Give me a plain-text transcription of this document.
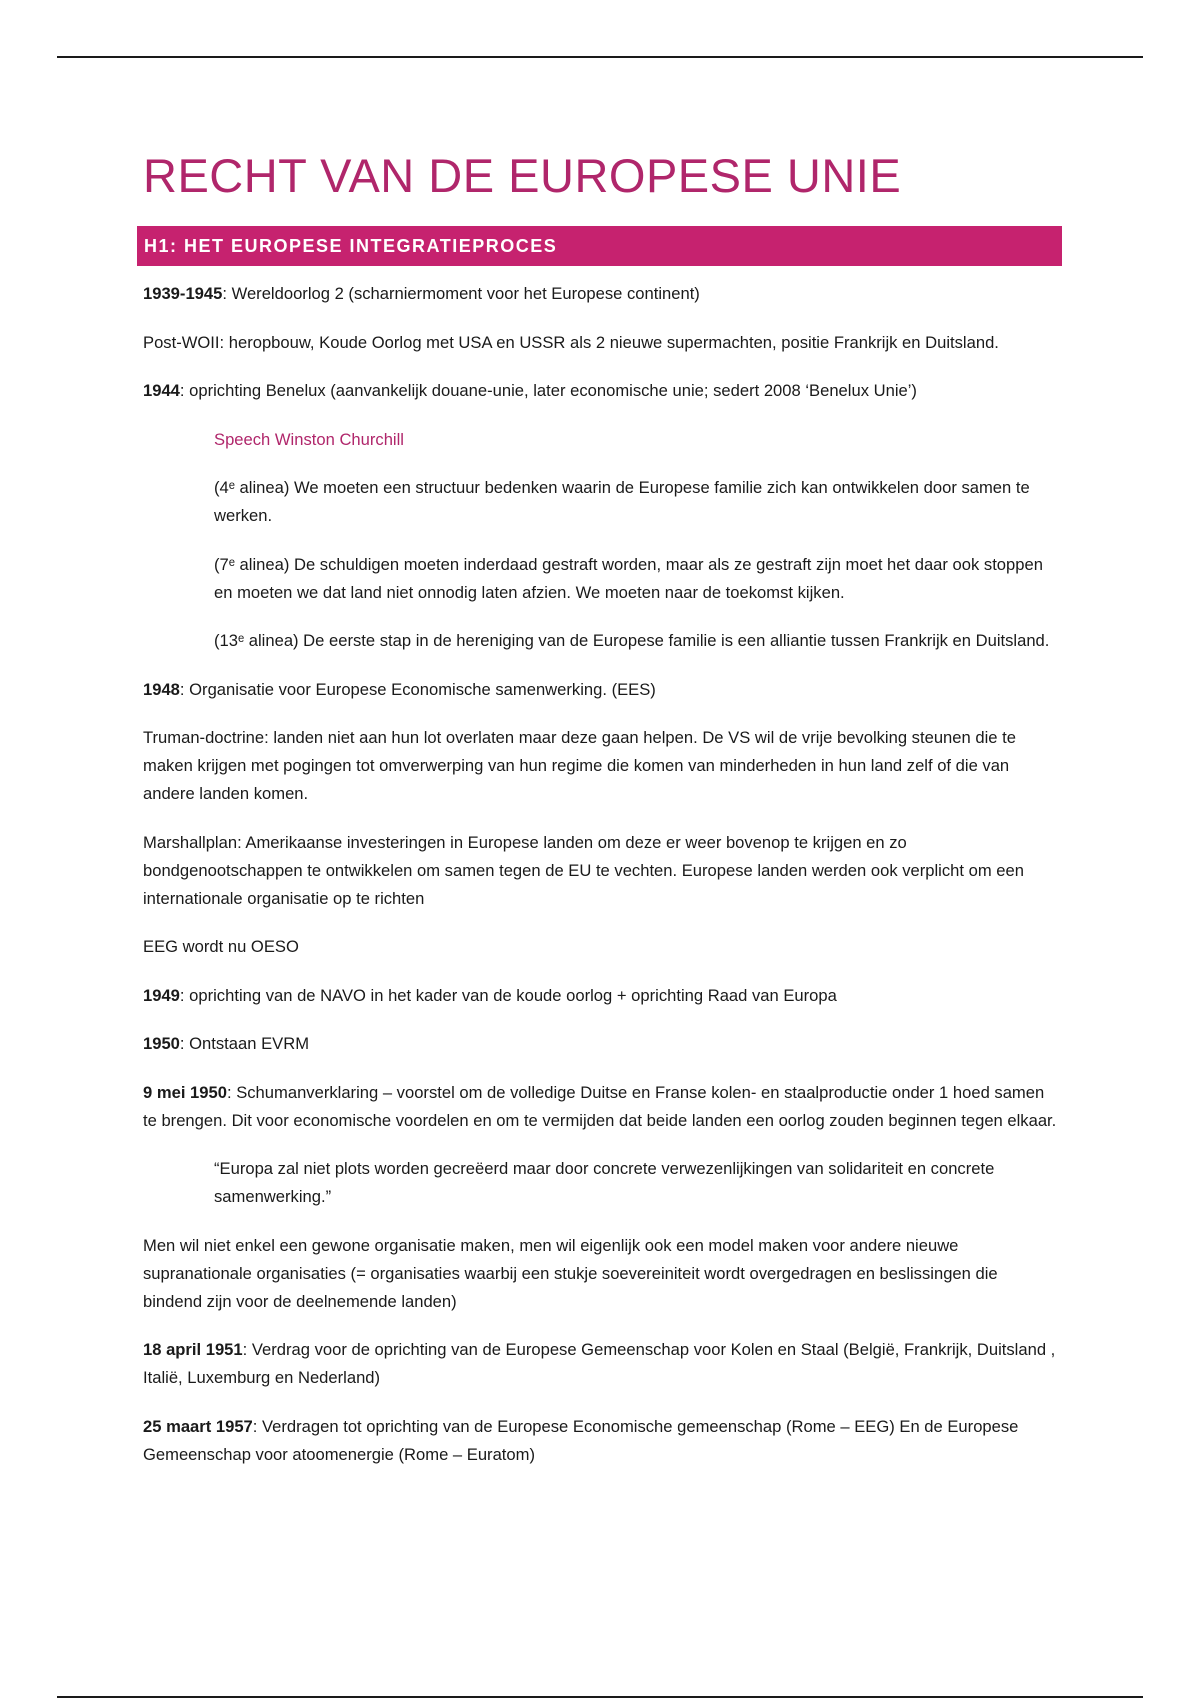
RECHT VAN DE EUROPESE UNIE
H1: HET EUROPESE INTEGRATIEPROCES

1939-1945: Wereldoorlog 2 (scharniermoment voor het Europese continent)

Post-WOII: heropbouw, Koude Oorlog met USA en USSR als 2 nieuwe supermachten, positie Frankrijk en Duitsland.

1944: oprichting Benelux (aanvankelijk douane-unie, later economische unie; sedert 2008 ‘Benelux Unie’)

Speech Winston Churchill

(4ᵉ alinea) We moeten een structuur bedenken waarin de Europese familie zich kan ontwikkelen door samen te werken.

(7ᵉ alinea) De schuldigen moeten inderdaad gestraft worden, maar als ze gestraft zijn moet het daar ook stoppen en moeten we dat land niet onnodig laten afzien. We moeten naar de toekomst kijken.

(13ᵉ alinea) De eerste stap in de hereniging van de Europese familie is een alliantie tussen Frankrijk en Duitsland.

1948: Organisatie voor Europese Economische samenwerking. (EES)

Truman-doctrine: landen niet aan hun lot overlaten maar deze gaan helpen. De VS wil de vrije bevolking steunen die te maken krijgen met pogingen tot omverwerping van hun regime die komen van minderheden in hun land zelf of die van andere landen komen.

Marshallplan: Amerikaanse investeringen in Europese landen om deze er weer bovenop te krijgen en zo bondgenootschappen te ontwikkelen om samen tegen de EU te vechten. Europese landen werden ook verplicht om een internationale organisatie op te richten

EEG wordt nu OESO

1949: oprichting van de NAVO in het kader van de koude oorlog + oprichting Raad van Europa

1950: Ontstaan EVRM

9 mei 1950: Schumanverklaring – voorstel om de volledige Duitse en Franse kolen- en staalproductie onder 1 hoed samen te brengen. Dit voor economische voordelen en om te vermijden dat beide landen een oorlog zouden beginnen tegen elkaar.

“Europa zal niet plots worden gecreëerd maar door concrete verwezenlijkingen van solidariteit en concrete samenwerking.”

Men wil niet enkel een gewone organisatie maken, men wil eigenlijk ook een model maken voor andere nieuwe supranationale organisaties (= organisaties waarbij een stukje soevereiniteit wordt overgedragen en beslissingen die bindend zijn voor de deelnemende landen)

18 april 1951: Verdrag voor de oprichting van de Europese Gemeenschap voor Kolen en Staal (België, Frankrijk, Duitsland , Italië, Luxemburg en Nederland)

25 maart 1957: Verdragen tot oprichting van de Europese Economische gemeenschap (Rome – EEG) En de Europese Gemeenschap voor atoomenergie (Rome – Euratom)
